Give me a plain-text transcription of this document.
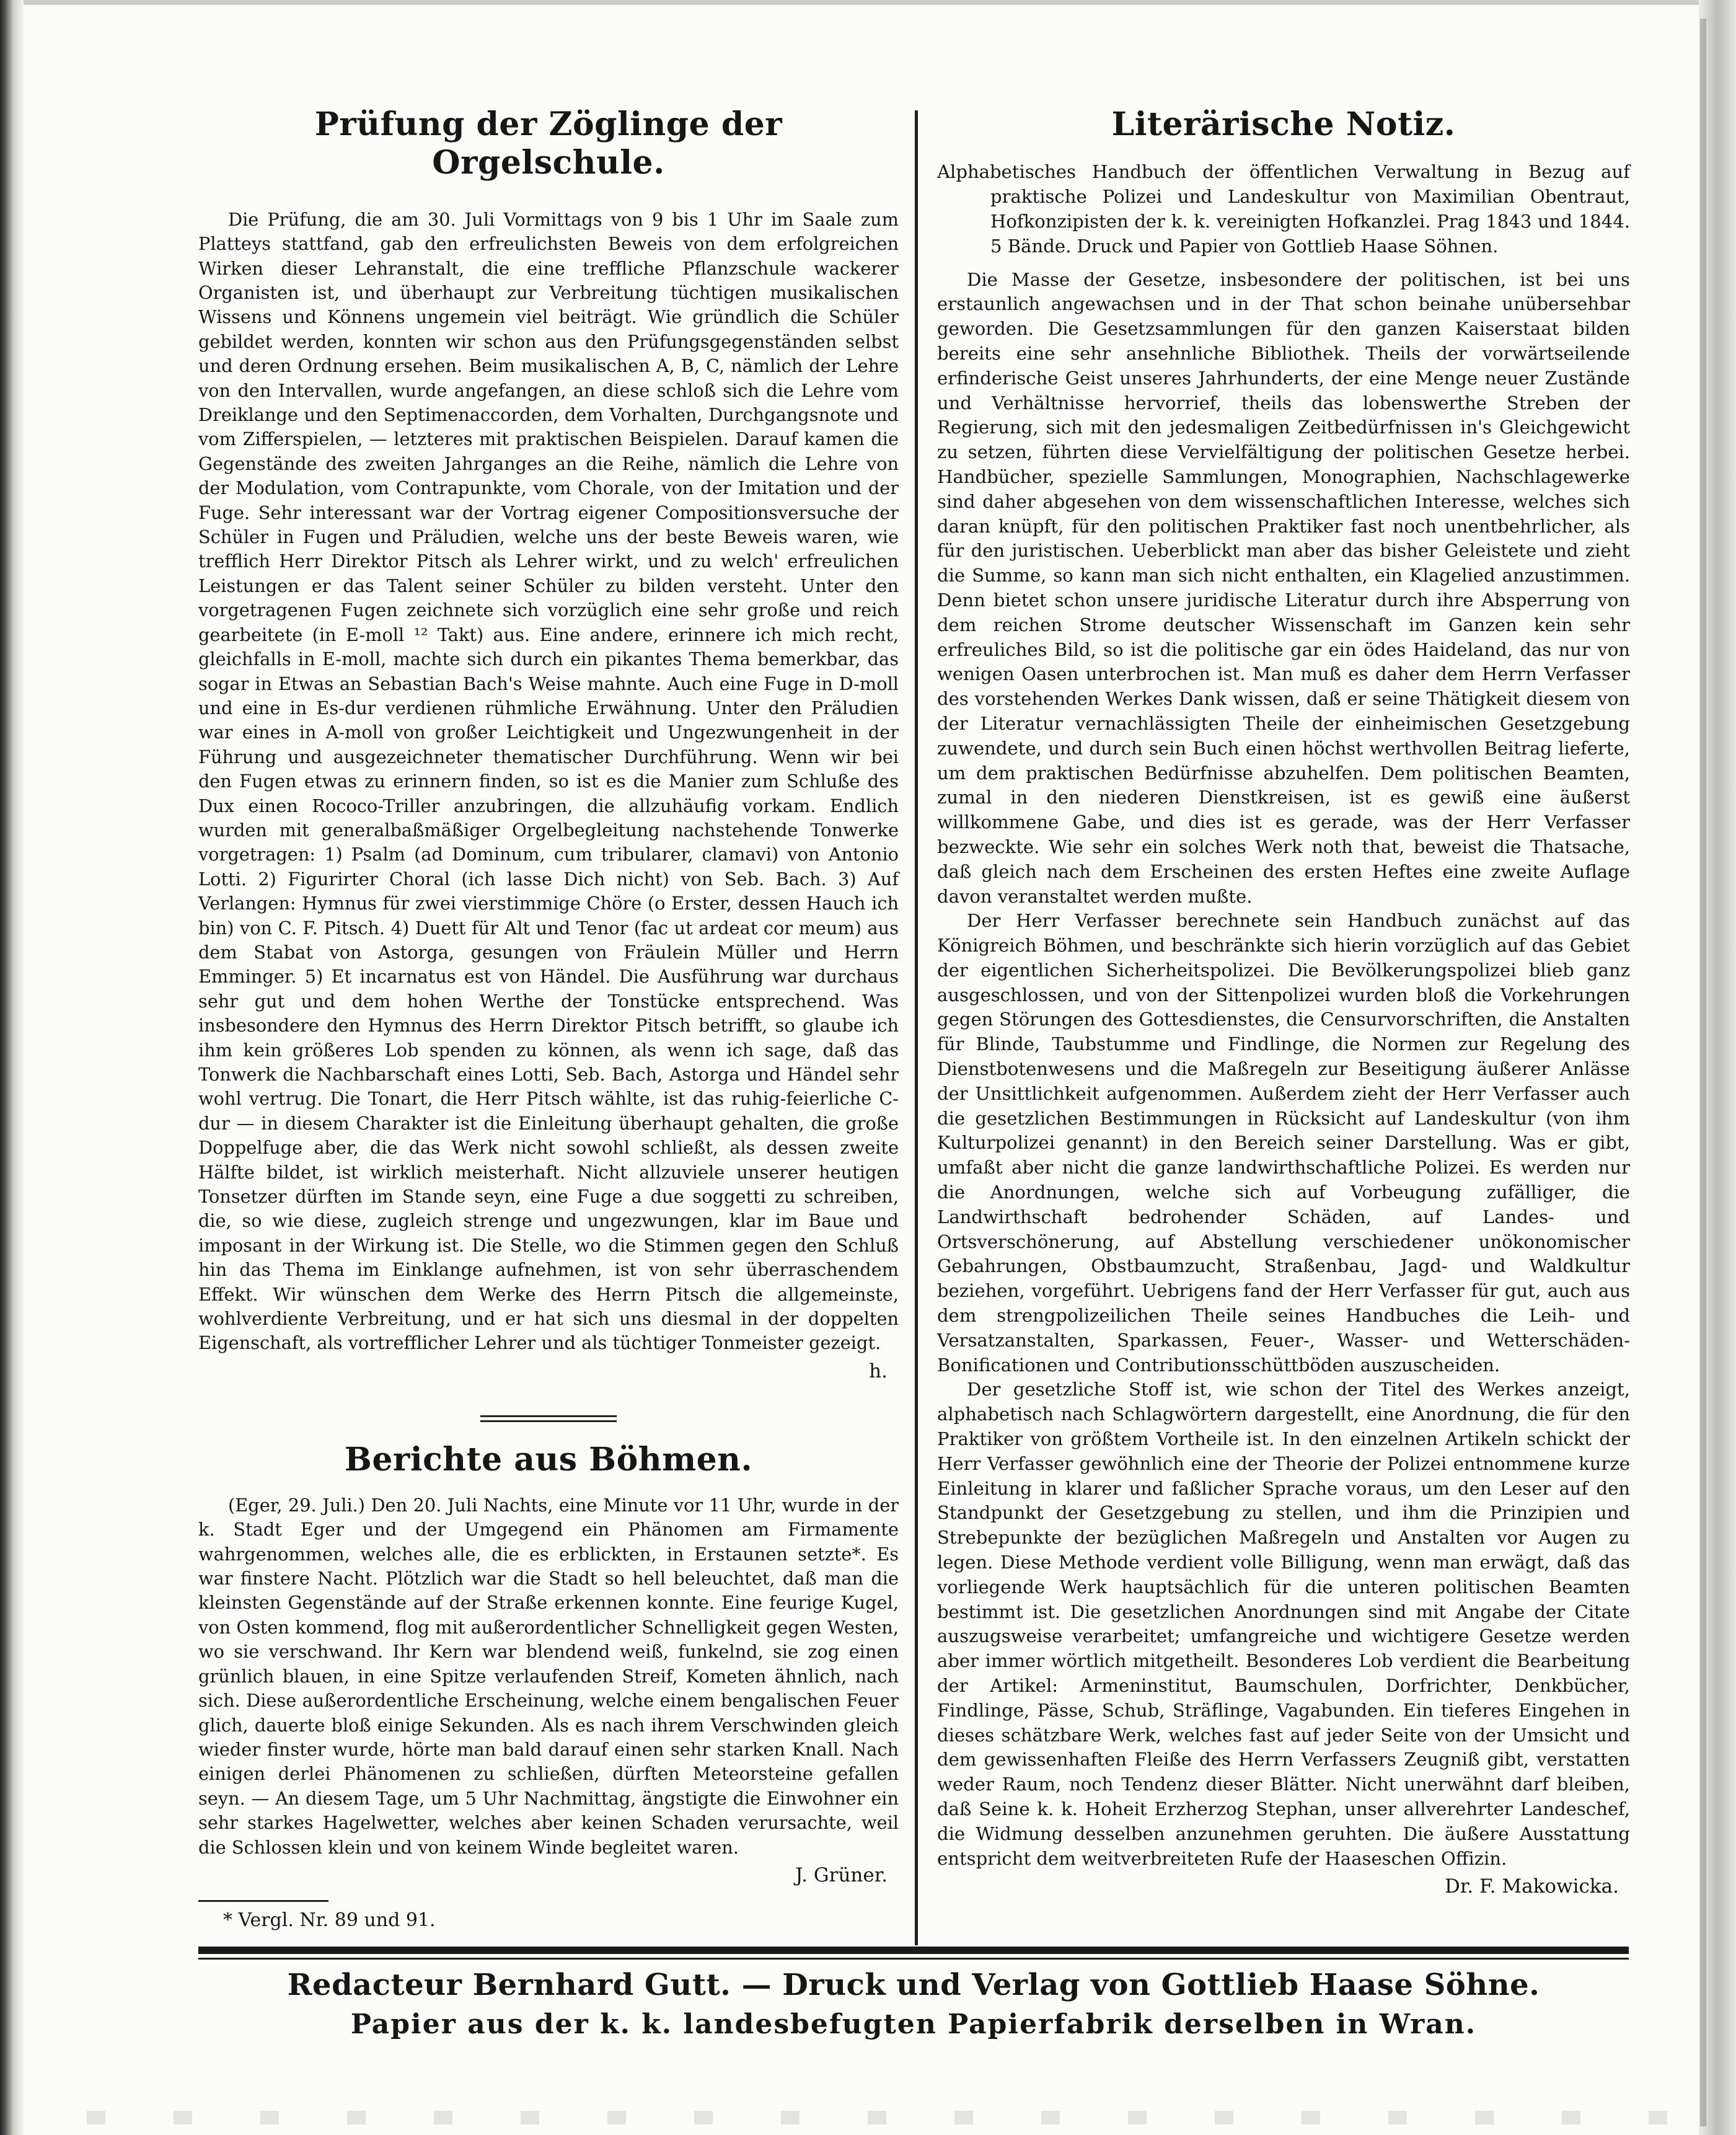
Prüfung der Zöglinge der Orgelschule.

Die Prüfung, die am 30. Juli Vormittags von 9 bis 1 Uhr im Saale zum Platteys stattfand, gab den erfreulichsten Beweis von dem erfolgreichen Wirken dieser Lehranstalt, die eine treffliche Pflanzschule wackerer Organisten ist, und überhaupt zur Verbreitung tüchtigen musikalischen Wissens und Könnens ungemein viel beiträgt. Wie gründlich die Schüler gebildet werden, konnten wir schon aus den Prüfungsgegenständen selbst und deren Ordnung ersehen. Beim musikalischen A, B, C, nämlich der Lehre von den Intervallen, wurde angefangen, an diese schloß sich die Lehre vom Dreiklange und den Septimenaccorden, dem Vorhalten, Durchgangsnote und vom Zifferspielen, — letzteres mit praktischen Beispielen. Darauf kamen die Gegenstände des zweiten Jahrganges an die Reihe, nämlich die Lehre von der Modulation, vom Contrapunkte, vom Chorale, von der Imitation und der Fuge. Sehr interessant war der Vortrag eigener Compositionsversuche der Schüler in Fugen und Präludien, welche uns der beste Beweis waren, wie trefflich Herr Direktor Pitsch als Lehrer wirkt, und zu welch' erfreulichen Leistungen er das Talent seiner Schüler zu bilden versteht. Unter den vorgetragenen Fugen zeichnete sich vorzüglich eine sehr große und reich gearbeitete (in E-moll ¹² Takt) aus. Eine andere, erinnere ich mich recht, gleichfalls in E-moll, machte sich durch ein pikantes Thema bemerkbar, das sogar in Etwas an Sebastian Bach's Weise mahnte. Auch eine Fuge in D-moll und eine in Es-dur verdienen rühmliche Erwähnung. Unter den Präludien war eines in A-moll von großer Leichtigkeit und Ungezwungenheit in der Führung und ausgezeichneter thematischer Durchführung. Wenn wir bei den Fugen etwas zu erinnern finden, so ist es die Manier zum Schluße des Dux einen Rococo-Triller anzubringen, die allzuhäufig vorkam. Endlich wurden mit generalbaßmäßiger Orgelbegleitung nachstehende Tonwerke vorgetragen: 1) Psalm (ad Dominum, cum tribularer, clamavi) von Antonio Lotti. 2) Figurirter Choral (ich lasse Dich nicht) von Seb. Bach. 3) Auf Verlangen: Hymnus für zwei vierstimmige Chöre (o Erster, dessen Hauch ich bin) von C. F. Pitsch. 4) Duett für Alt und Tenor (fac ut ardeat cor meum) aus dem Stabat von Astorga, gesungen von Fräulein Müller und Herrn Emminger. 5) Et incarnatus est von Händel. Die Ausführung war durchaus sehr gut und dem hohen Werthe der Tonstücke entsprechend. Was insbesondere den Hymnus des Herrn Direktor Pitsch betrifft, so glaube ich ihm kein größeres Lob spenden zu können, als wenn ich sage, daß das Tonwerk die Nachbarschaft eines Lotti, Seb. Bach, Astorga und Händel sehr wohl vertrug. Die Tonart, die Herr Pitsch wählte, ist das ruhig-feierliche C-dur — in diesem Charakter ist die Einleitung überhaupt gehalten, die große Doppelfuge aber, die das Werk nicht sowohl schließt, als dessen zweite Hälfte bildet, ist wirklich meisterhaft. Nicht allzuviele unserer heutigen Tonsetzer dürften im Stande seyn, eine Fuge a due soggetti zu schreiben, die, so wie diese, zugleich strenge und ungezwungen, klar im Baue und imposant in der Wirkung ist. Die Stelle, wo die Stimmen gegen den Schluß hin das Thema im Einklange aufnehmen, ist von sehr überraschendem Effekt. Wir wünschen dem Werke des Herrn Pitsch die allgemeinste, wohlverdiente Verbreitung, und er hat sich uns diesmal in der doppelten Eigenschaft, als vortrefflicher Lehrer und als tüchtiger Tonmeister gezeigt.

h.
Berichte aus Böhmen.

(Eger, 29. Juli.) Den 20. Juli Nachts, eine Minute vor 11 Uhr, wurde in der k. Stadt Eger und der Umgegend ein Phänomen am Firmamente wahrgenommen, welches alle, die es erblickten, in Erstaunen setzte*. Es war finstere Nacht. Plötzlich war die Stadt so hell beleuchtet, daß man die kleinsten Gegenstände auf der Straße erkennen konnte. Eine feurige Kugel, von Osten kommend, flog mit außerordentlicher Schnelligkeit gegen Westen, wo sie verschwand. Ihr Kern war blendend weiß, funkelnd, sie zog einen grünlich blauen, in eine Spitze verlaufenden Streif, Kometen ähnlich, nach sich. Diese außerordentliche Erscheinung, welche einem bengalischen Feuer glich, dauerte bloß einige Sekunden. Als es nach ihrem Verschwinden gleich wieder finster wurde, hörte man bald darauf einen sehr starken Knall. Nach einigen derlei Phänomenen zu schließen, dürften Meteorsteine gefallen seyn. — An diesem Tage, um 5 Uhr Nachmittag, ängstigte die Einwohner ein sehr starkes Hagelwetter, welches aber keinen Schaden verursachte, weil die Schlossen klein und von keinem Winde begleitet waren.

J. Grüner.
* Vergl. Nr. 89 und 91.
Literärische Notiz.

Alphabetisches Handbuch der öffentlichen Verwaltung in Bezug auf praktische Polizei und Landeskultur von Maximilian Obentraut, Hofkonzipisten der k. k. vereinigten Hofkanzlei. Prag 1843 und 1844. 5 Bände. Druck und Papier von Gottlieb Haase Söhnen.

Die Masse der Gesetze, insbesondere der politischen, ist bei uns erstaunlich angewachsen und in der That schon beinahe unübersehbar geworden. Die Gesetzsammlungen für den ganzen Kaiserstaat bilden bereits eine sehr ansehnliche Bibliothek. Theils der vorwärtseilende erfinderische Geist unseres Jahrhunderts, der eine Menge neuer Zustände und Verhältnisse hervorrief, theils das lobenswerthe Streben der Regierung, sich mit den jedesmaligen Zeitbedürfnissen in's Gleichgewicht zu setzen, führten diese Vervielfältigung der politischen Gesetze herbei. Handbücher, spezielle Sammlungen, Monographien, Nachschlagewerke sind daher abgesehen von dem wissenschaftlichen Interesse, welches sich daran knüpft, für den politischen Praktiker fast noch unentbehrlicher, als für den juristischen. Ueberblickt man aber das bisher Geleistete und zieht die Summe, so kann man sich nicht enthalten, ein Klagelied anzustimmen. Denn bietet schon unsere juridische Literatur durch ihre Absperrung von dem reichen Strome deutscher Wissenschaft im Ganzen kein sehr erfreuliches Bild, so ist die politische gar ein ödes Haideland, das nur von wenigen Oasen unterbrochen ist. Man muß es daher dem Herrn Verfasser des vorstehenden Werkes Dank wissen, daß er seine Thätigkeit diesem von der Literatur vernachlässigten Theile der einheimischen Gesetzgebung zuwendete, und durch sein Buch einen höchst werthvollen Beitrag lieferte, um dem praktischen Bedürfnisse abzuhelfen. Dem politischen Beamten, zumal in den niederen Dienstkreisen, ist es gewiß eine äußerst willkommene Gabe, und dies ist es gerade, was der Herr Verfasser bezweckte. Wie sehr ein solches Werk noth that, beweist die Thatsache, daß gleich nach dem Erscheinen des ersten Heftes eine zweite Auflage davon veranstaltet werden mußte.

Der Herr Verfasser berechnete sein Handbuch zunächst auf das Königreich Böhmen, und beschränkte sich hierin vorzüglich auf das Gebiet der eigentlichen Sicherheitspolizei. Die Bevölkerungspolizei blieb ganz ausgeschlossen, und von der Sittenpolizei wurden bloß die Vorkehrungen gegen Störungen des Gottesdienstes, die Censurvorschriften, die Anstalten für Blinde, Taubstumme und Findlinge, die Normen zur Regelung des Dienstbotenwesens und die Maßregeln zur Beseitigung äußerer Anlässe der Unsittlichkeit aufgenommen. Außerdem zieht der Herr Verfasser auch die gesetzlichen Bestimmungen in Rücksicht auf Landeskultur (von ihm Kulturpolizei genannt) in den Bereich seiner Darstellung. Was er gibt, umfaßt aber nicht die ganze landwirthschaftliche Polizei. Es werden nur die Anordnungen, welche sich auf Vorbeugung zufälliger, die Landwirthschaft bedrohender Schäden, auf Landes- und Ortsverschönerung, auf Abstellung verschiedener unökonomischer Gebahrungen, Obstbaumzucht, Straßenbau, Jagd- und Waldkultur beziehen, vorgeführt. Uebrigens fand der Herr Verfasser für gut, auch aus dem strengpolizeilichen Theile seines Handbuches die Leih- und Versatzanstalten, Sparkassen, Feuer-, Wasser- und Wetterschäden-Bonificationen und Contributionsschüttböden auszuscheiden.

Der gesetzliche Stoff ist, wie schon der Titel des Werkes anzeigt, alphabetisch nach Schlagwörtern dargestellt, eine Anordnung, die für den Praktiker von größtem Vortheile ist. In den einzelnen Artikeln schickt der Herr Verfasser gewöhnlich eine der Theorie der Polizei entnommene kurze Einleitung in klarer und faßlicher Sprache voraus, um den Leser auf den Standpunkt der Gesetzgebung zu stellen, und ihm die Prinzipien und Strebepunkte der bezüglichen Maßregeln und Anstalten vor Augen zu legen. Diese Methode verdient volle Billigung, wenn man erwägt, daß das vorliegende Werk hauptsächlich für die unteren politischen Beamten bestimmt ist. Die gesetzlichen Anordnungen sind mit Angabe der Citate auszugsweise verarbeitet; umfangreiche und wichtigere Gesetze werden aber immer wörtlich mitgetheilt. Besonderes Lob verdient die Bearbeitung der Artikel: Armeninstitut, Baumschulen, Dorfrichter, Denkbücher, Findlinge, Pässe, Schub, Sträflinge, Vagabunden. Ein tieferes Eingehen in dieses schätzbare Werk, welches fast auf jeder Seite von der Umsicht und dem gewissenhaften Fleiße des Herrn Verfassers Zeugniß gibt, verstatten weder Raum, noch Tendenz dieser Blätter. Nicht unerwähnt darf bleiben, daß Seine k. k. Hoheit Erzherzog Stephan, unser allverehrter Landeschef, die Widmung desselben anzunehmen geruhten. Die äußere Ausstattung entspricht dem weitverbreiteten Rufe der Haaseschen Offizin.

Dr. F. Makowicka.
Redacteur Bernhard Gutt. — Druck und Verlag von Gottlieb Haase Söhne.
Papier aus der k. k. landesbefugten Papierfabrik derselben in Wran.
